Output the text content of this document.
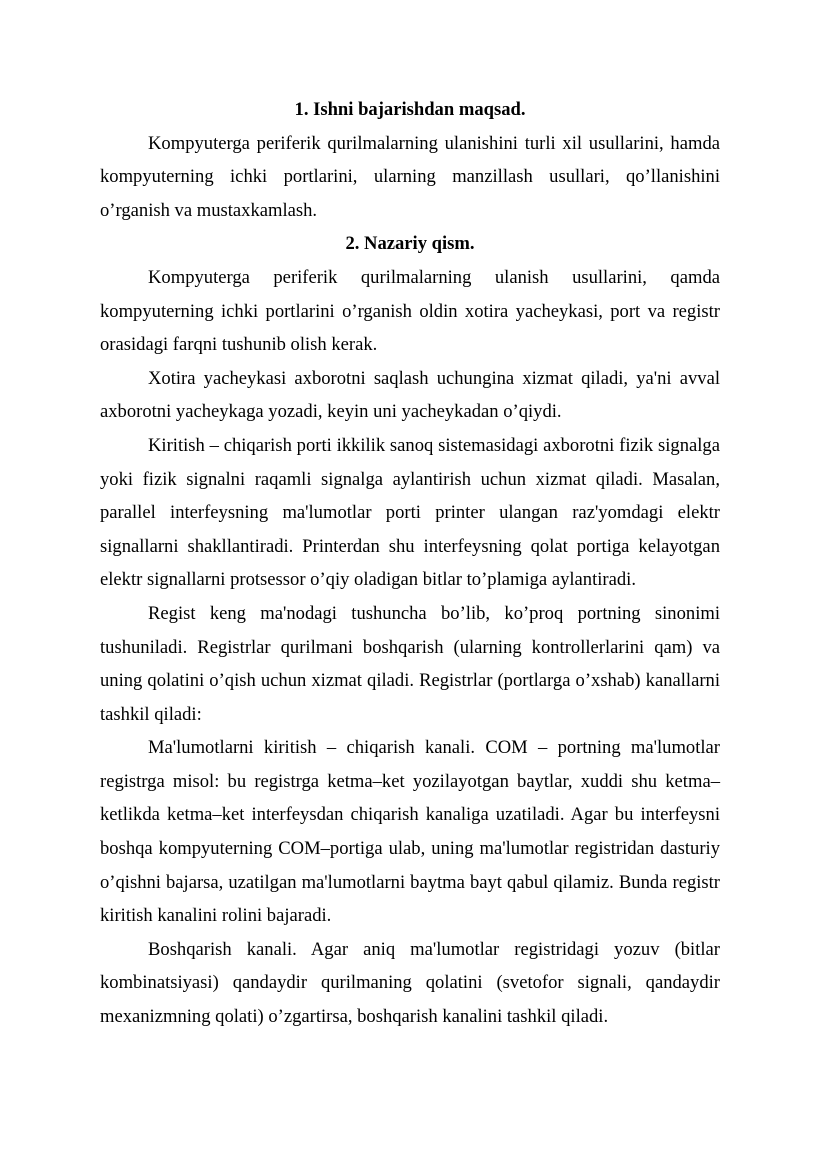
1. Ishni bajarishdan maqsad.

Kompyuterga periferik qurilmalarning ulanishini turli xil usullarini, hamda kompyuterning ichki portlarini, ularning manzillash usullari, qo’llanishini o’rganish va mustaxkamlash.

2. Nazariy qism.

Kompyuterga periferik qurilmalarning ulanish usullarini, qamda kompyuterning ichki portlarini o’rganish oldin xotira yacheykasi, port va registr orasidagi farqni tushunib olish kerak.

Xotira yacheykasi axborotni saqlash uchungina xizmat qiladi, ya'ni avval axborotni yacheykaga yozadi, keyin uni yacheykadan o’qiydi.

Kiritish – chiqarish porti ikkilik sanoq sistemasidagi axborotni fizik signalga yoki fizik signalni raqamli signalga aylantirish uchun xizmat qiladi. Masalan, parallel interfeysning ma'lumotlar porti printer ulangan raz'yomdagi elektr signallarni shakllantiradi. Printerdan shu interfeysning qolat portiga kelayotgan elektr signallarni protsessor o’qiy oladigan bitlar to’plamiga aylantiradi.

Regist keng ma'nodagi tushuncha bo’lib, ko’proq portning sinonimi tushuniladi. Registrlar qurilmani boshqarish (ularning kontrollerlarini qam) va uning qolatini o’qish uchun xizmat qiladi. Registrlar (portlarga o’xshab) kanallarni tashkil qiladi:

Ma'lumotlarni kiritish – chiqarish kanali. COM – portning ma'lumotlar registrga misol: bu registrga ketma–ket yozilayotgan baytlar, xuddi shu ketma–ketlikda ketma–ket interfeysdan chiqarish kanaliga uzatiladi. Agar bu interfeysni boshqa kompyuterning COM–portiga ulab, uning ma'lumotlar registridan dasturiy o’qishni bajarsa, uzatilgan ma'lumotlarni baytma bayt qabul qilamiz. Bunda registr kiritish kanalini rolini bajaradi.

Boshqarish kanali. Agar aniq ma'lumotlar registridagi yozuv (bitlar kombinatsiyasi) qandaydir qurilmaning qolatini (svetofor signali, qandaydir mexanizmning qolati) o’zgartirsa, boshqarish kanalini tashkil qiladi.
